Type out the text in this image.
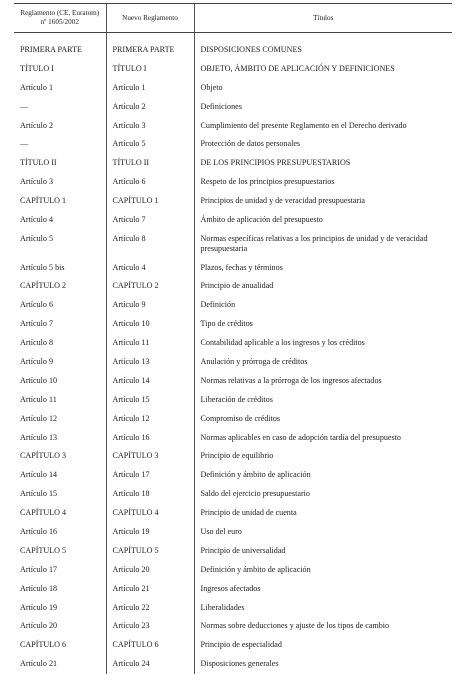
Reglamento (CE, Euratom) nº 1605/2002	Nuevo Reglamento	Títulos
PRIMERA PARTE	PRIMERA PARTE	DISPOSICIONES COMUNES
TÍTULO I	TÍTULO I	OBJETO, ÁMBITO DE APLICACIÓN Y DEFINICIONES
Artículo 1	Artículo 1	Objeto
—	Artículo 2	Definiciones
Artículo 2	Artículo 3	Cumplimiento del presente Reglamento en el Derecho derivado
—	Artículo 5	Protección de datos personales
TÍTULO II	TÍTULO II	DE LOS PRINCIPIOS PRESUPUESTARIOS
Artículo 3	Artículo 6	Respeto de los principios presupuestarios
CAPÍTULO 1	CAPÍTULO 1	Principios de unidad y de veracidad presupuestaria
Artículo 4	Artículo 7	Ámbito de aplicación del presupuesto
Artículo 5	Artículo 8	Normas específicas relativas a los principios de unidad y de veracidad presupuestaria
Artículo 5 bis	Artículo 4	Plazos, fechas y términos
CAPÍTULO 2	CAPÍTULO 2	Principio de anualidad
Artículo 6	Artículo 9	Definición
Artículo 7	Artículo 10	Tipo de créditos
Artículo 8	Artículo 11	Contabilidad aplicable a los ingresos y los créditos
Artículo 9	Artículo 13	Anulación y prórroga de créditos
Artículo 10	Artículo 14	Normas relativas a la prórroga de los ingresos afectados
Artículo 11	Artículo 15	Liberación de créditos
Artículo 12	Artículo 12	Compromiso de créditos
Artículo 13	Artículo 16	Normas aplicables en caso de adopción tardía del presupuesto
CAPÍTULO 3	CAPÍTULO 3	Principio de equilibrio
Artículo 14	Artículo 17	Definición y ámbito de aplicación
Artículo 15	Artículo 18	Saldo del ejercicio presupuestario
CAPÍTULO 4	CAPÍTULO 4	Principio de unidad de cuenta
Artículo 16	Artículo 19	Uso del euro
CAPÍTULO 5	CAPÍTULO 5	Principio de universalidad
Artículo 17	Artículo 20	Definición y ámbito de aplicación
Artículo 18	Artículo 21	Ingresos afectados
Artículo 19	Artículo 22	Liberalidades
Artículo 20	Artículo 23	Normas sobre deducciones y ajuste de los tipos de cambio
CAPÍTULO 6	CAPÍTULO 6	Principio de especialidad
Artículo 21	Artículo 24	Disposiciones generales
